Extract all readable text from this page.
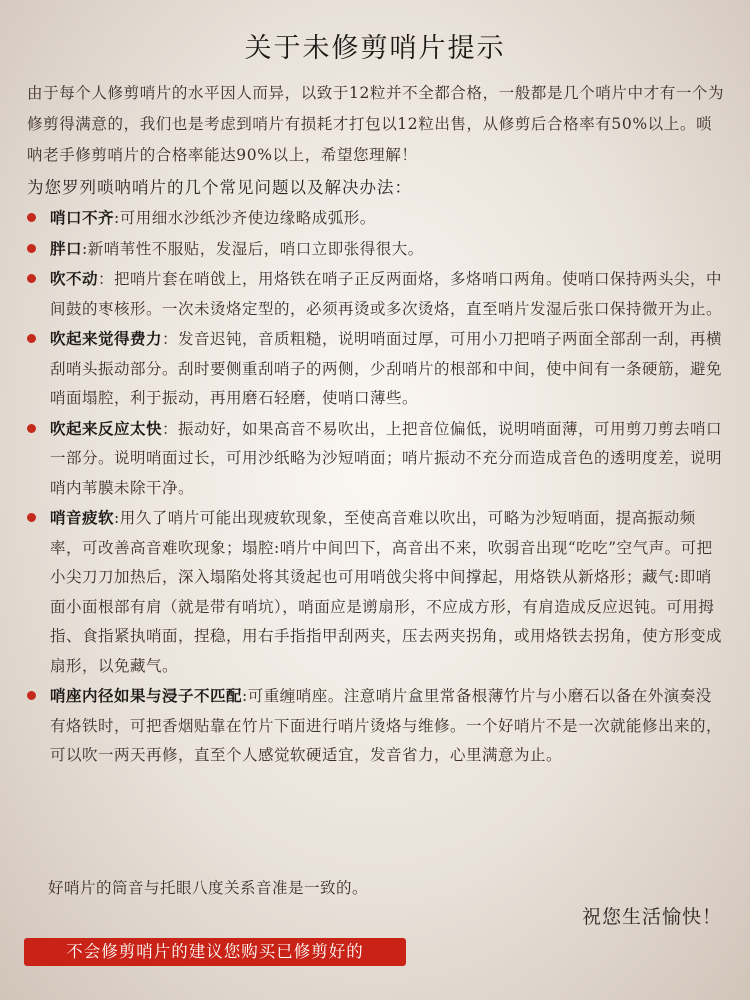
关于未修剪哨片提示
由于每个人修剪哨片的水平因人而异，以致于12粒并不全都合格，一般都是几个哨片中才有一个为修剪得满意的，我们也是考虑到哨片有损耗才打包以12粒出售，从修剪后合格率有50%以上。唢呐老手修剪哨片的合格率能达90%以上，希望您理解！
为您罗列唢呐哨片的几个常见问题以及解决办法：
哨口不齐:可用细水沙纸沙齐使边缘略成弧形。
胖口:新哨苇性不服贴，发湿后，哨口立即张得很大。
吹不动：把哨片套在哨戗上，用烙铁在哨子正反两面烙，多烙哨口两角。使哨口保持两头尖，中间鼓的枣核形。一次未烫烙定型的，必须再烫或多次烫烙，直至哨片发湿后张口保持微开为止。
吹起来觉得费力：发音迟钝，音质粗糙，说明哨面过厚，可用小刀把哨子两面全部刮一刮，再横刮哨头振动部分。刮时要侧重刮哨子的两侧，少刮哨片的根部和中间，使中间有一条硬筋，避免哨面塌腔，利于振动，再用磨石轻磨，使哨口薄些。
吹起来反应太快：振动好，如果高音不易吹出，上把音位偏低，说明哨面薄，可用剪刀剪去哨口一部分。说明哨面过长，可用沙纸略为沙短哨面；哨片振动不充分而造成音色的透明度差，说明哨内苇膜未除干净。
哨音疲软:用久了哨片可能出现疲软现象，至使高音难以吹出，可略为沙短哨面，提高振动频率，可改善高音难吹现象；塌腔:哨片中间凹下，高音出不来，吹弱音出现“吃吃”空气声。可把小尖刀刀加热后，深入塌陷处将其烫起也可用哨戗尖将中间撑起，用烙铁从新烙形；藏气:即哨面小面根部有肩（就是带有哨坑），哨面应是谫扇形，不应成方形，有肩造成反应迟钝。可用拇指、食指紧执哨面，捏稳，用右手指指甲刮两夹，压去两夹拐角，或用烙铁去拐角，使方形变成扇形，以免藏气。
哨座内径如果与浸子不匹配:可重缠哨座。注意哨片盒里常备根薄竹片与小磨石以备在外演奏没有烙铁时，可把香烟贴靠在竹片下面进行哨片烫烙与维修。一个好哨片不是一次就能修出来的，可以吹一两天再修，直至个人感觉软硬适宜，发音省力，心里满意为止。
好哨片的筒音与托眼八度关系音准是一致的。
祝您生活愉快！
不会修剪哨片的建议您购买已修剪好的
